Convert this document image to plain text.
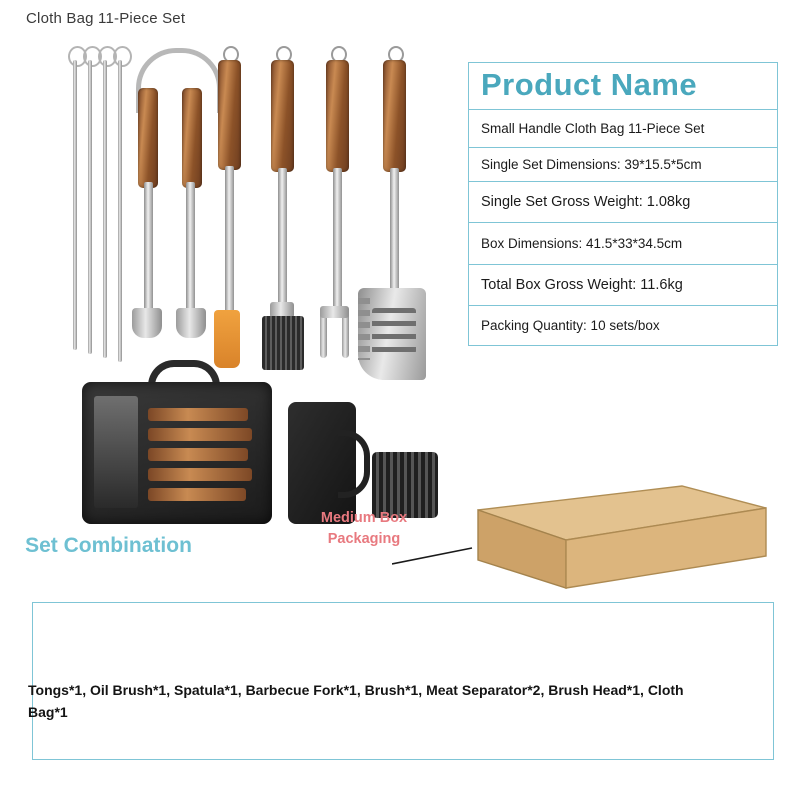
Cloth Bag 11-Piece Set
Product Name
Small Handle Cloth Bag 11-Piece Set
Single Set Dimensions: 39*15.5*5cm
Single Set Gross Weight: 1.08kg
Box Dimensions: 41.5*33*34.5cm
Total Box Gross Weight: 11.6kg
Packing Quantity: 10 sets/box
Medium Box Packaging
Set Combination
Tongs*1, Oil Brush*1, Spatula*1, Barbecue Fork*1, Brush*1, Meat Separator*2, Brush Head*1, Cloth Bag*1
